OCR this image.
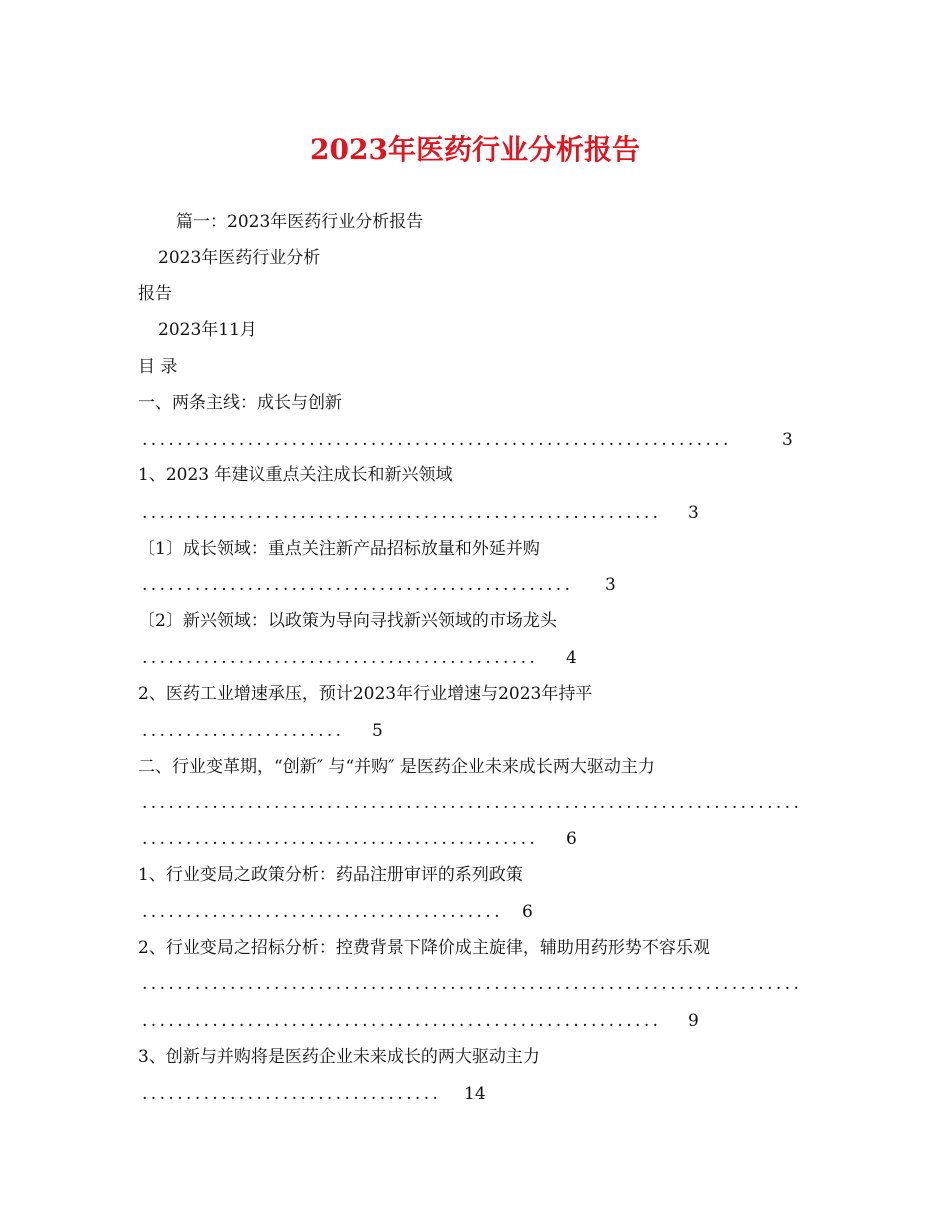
2023年医药行业分析报告
篇一：2023年医药行业分析报告
2023年医药行业分析
报告
2023年11月
目 录
一、两条主线：成长与创新
...................................................................	3
1、2023 年建议重点关注成长和新兴领域
...........................................................	3
〔1〕成长领域：重点关注新产品招标放量和外延并购
.................................................	3
〔2〕新兴领域：以政策为导向寻找新兴领域的市场龙头
.............................................	4
2、医药工业增速承压，预计2023年行业增速与2023年持平
.......................	5
二、行业变革期，“创新″ 与“并购″ 是医药企业未来成长两大驱动主力
...........................................................................
.............................................	6
1、行业变局之政策分析：药品注册审评的系列政策
.........................................	6
2、行业变局之招标分析：控费背景下降价成主旋律，辅助用药形势不容乐观
...........................................................................
...........................................................	9
3、创新与并购将是医药企业未来成长的两大驱动主力
..................................	14
